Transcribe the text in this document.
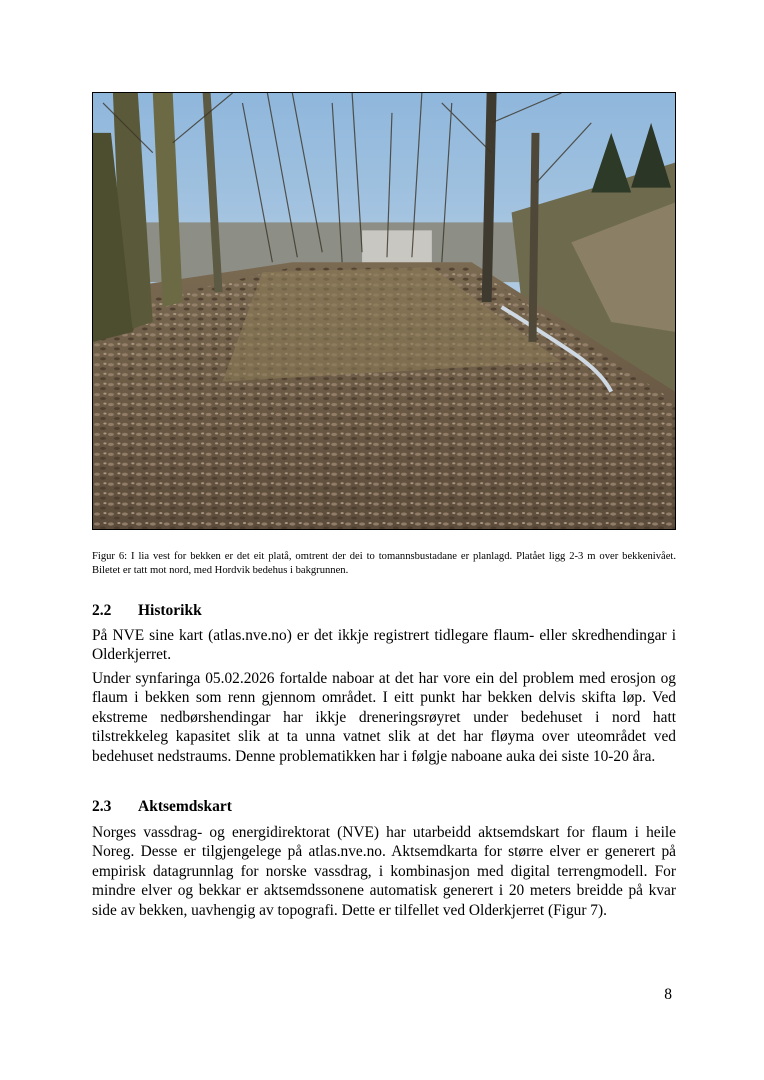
Figur 6: I lia vest for bekken er det eit platå, omtrent der dei to tomannsbustadane er planlagd. Platået ligg 2-3 m over bekkenivået. Biletet er tatt mot nord, med Hordvik bedehus i bakgrunnen.

2.2 Historikk

På NVE sine kart (atlas.nve.no) er det ikkje registrert tidlegare flaum- eller skredhendingar i Olderkjerret.

Under synfaringa 05.02.2026 fortalde naboar at det har vore ein del problem med erosjon og flaum i bekken som renn gjennom området. I eitt punkt har bekken delvis skifta løp. Ved ekstreme nedbørshendingar har ikkje dreneringsrøyret under bedehuset i nord hatt tilstrekkeleg kapasitet slik at ta unna vatnet slik at det har fløyma over uteområdet ved bedehuset nedstraums. Denne problematikken har i følgje naboane auka dei siste 10-20 åra.

2.3 Aktsemdskart

Norges vassdrag- og energidirektorat (NVE) har utarbeidd aktsemdskart for flaum i heile Noreg. Desse er tilgjengelege på atlas.nve.no. Aktsemdkarta for større elver er generert på empirisk datagrunnlag for norske vassdrag, i kombinasjon med digital terrengmodell. For mindre elver og bekkar er aktsemdssonene automatisk generert i 20 meters breidde på kvar side av bekken, uavhengig av topografi. Dette er tilfellet ved Olderkjerret (Figur 7).

8
